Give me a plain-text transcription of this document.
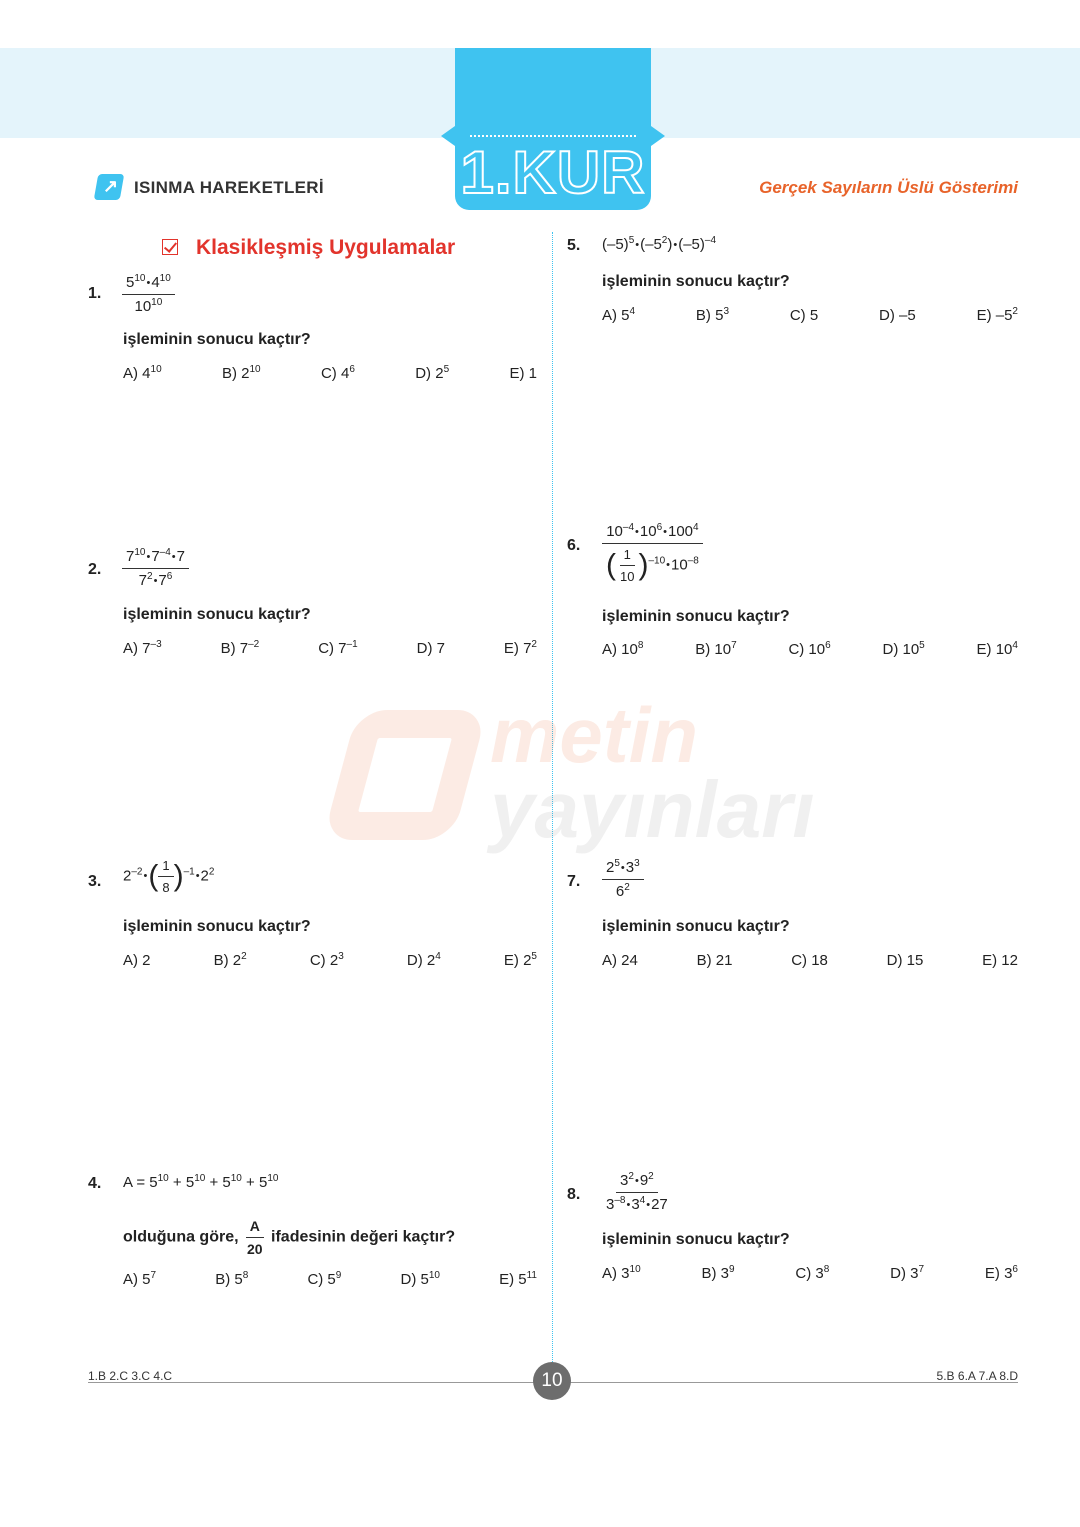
1.KUR
↗ ISINMA HAREKETLERİ	Gerçek Sayıların Üslü Gösterimi
metin
yayınları
Klasikleşmiş Uygulamalar
1. $\frac{5^{10}•4^{10}}{10^{10}}$
işleminin sonucu kaçtır?
A) $4^{10}$	B) $2^{10}$	C) $4^6$	D) $2^5$	E) 1
2. $\frac{7^{10}•7^{-4}•7}{7^2•7^6}$
işleminin sonucu kaçtır?
A) $7^{-3}$	B) $7^{-2}$	C) $7^{-1}$	D) 7	E) $7^2$
3. $2^{-2}•( \frac{1}{8}$ )$^{-1}•2^2$
işleminin sonucu kaçtır?
A) 2	B) $2^2$	C) $2^3$	D) $2^4$	E) $2^5$
4. $A = 5^{10} + 5^{10} + 5^{10} + 5^{10}$
olduğuna göre, $\frac{A}{20}$ ifadesinin değeri kaçtır?
A) $5^7$	B) $5^8$	C) $5^9$	D) $5^{10}$	E) $5^{11}$
5. $(-5)^5•(-5^2)•(-5)^{-4}$
işleminin sonucu kaçtır?
A) $5^4$	B) $5^3$	C) 5	D) –5	E) $-5^2$
6. $\frac{10^{-4}•10^6•100^4}{( \frac{1}{10} )^{-10}•10^{-8}}$
işleminin sonucu kaçtır?
A) $10^8$	B) $10^7$	C) $10^6$	D) $10^5$	E) $10^4$
7. $\frac{2^5•3^3}{6^2}$
işleminin sonucu kaçtır?
A) 24	B) 21	C) 18	D) 15	E) 12
8. $\frac{3^2•9^2}{3^{-8}•3^4•27}$
işleminin sonucu kaçtır?
A) $3^{10}$	B) $3^9$	C) $3^8$	D) $3^7$	E) $3^6$
1.B 2.C 3.C 4.C	5.B 6.A 7.A 8.D
10
